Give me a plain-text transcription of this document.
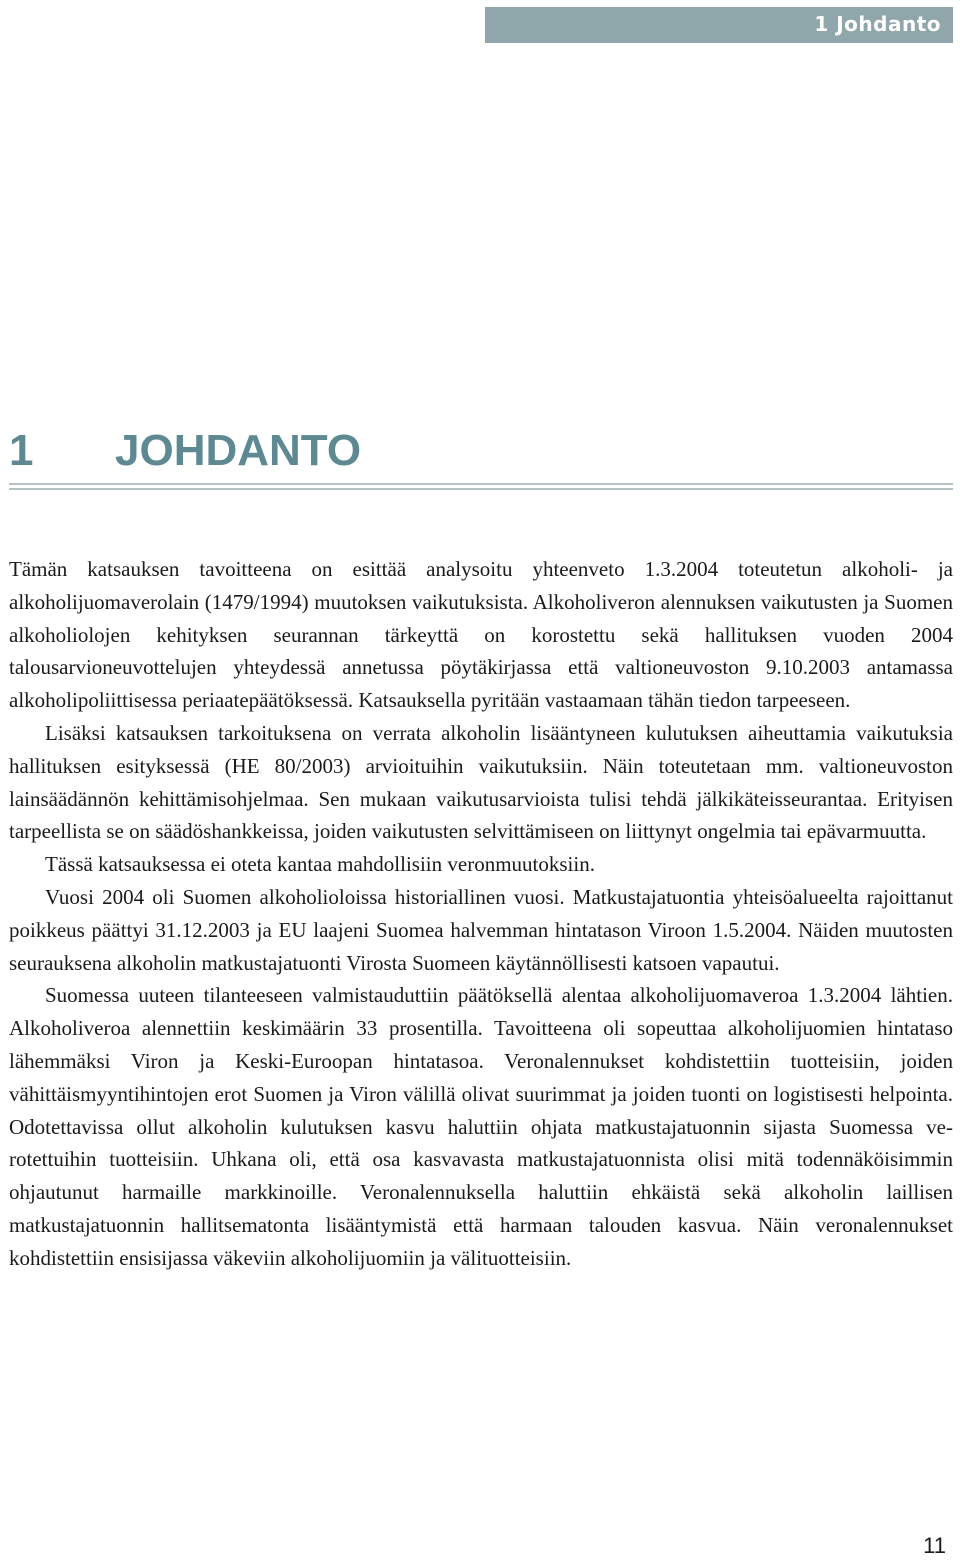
1 Johdanto
1 JOHDANTO

Tämän katsauksen tavoitteena on esittää analysoitu yhteenveto 1.3.2004 toteutetun alkoholi- ja alkoholijuomaverolain (1479/1994) muutoksen vaikutuksista. Alkoholiveron alennuksen vaikutusten ja Suomen alkoholiolojen kehityksen seurannan tärkeyttä on korostettu sekä hallituksen vuoden 2004 talousarvioneuvottelujen yhteydessä annetussa pöytäkirjassa että valtioneuvoston 9.10.2003 antamassa alkoholipoliittisessa periaatepäätöksessä. Katsauksella pyritään vastaamaan tähän tiedon tarpeeseen.

Lisäksi katsauksen tarkoituksena on verrata alkoholin lisääntyneen kulutuksen aiheuttamia vaikutuksia hallituksen esityksessä (HE 80/2003) arvioituihin vaikutuksiin. Näin toteutetaan mm. valtioneuvoston lainsäädännön kehittämisohjelmaa. Sen mukaan vaikutusarvioista tulisi tehdä jälkikäteisseurantaa. Erityisen tarpeellista se on säädöshankkeissa, joiden vaikutusten selvittämiseen on liittynyt ongelmia tai epävarmuutta.

Tässä katsauksessa ei oteta kantaa mahdollisiin veronmuutoksiin.

Vuosi 2004 oli Suomen alkoholioloissa historiallinen vuosi. Matkustajatuontia yhteisöalueelta rajoittanut poikkeus päättyi 31.12.2003 ja EU laajeni Suomea halvemman hintatason Viroon 1.5.2004. Näiden muutosten seurauksena alkoholin matkustajatuonti Virosta Suomeen käytännöllisesti katsoen vapautui.

Suomessa uuteen tilanteeseen valmistauduttiin päätöksellä alentaa alkoholijuomaveroa 1.3.2004 lähtien. Alkoholiveroa alennettiin keskimäärin 33 prosentilla. Tavoitteena oli sopeuttaa alkoholijuomien hintataso lähemmäksi Viron ja Keski-Euroopan hintatasoa. Veronalennukset kohdistettiin tuotteisiin, joiden vähittäismyyntihintojen erot Suomen ja Viron välillä olivat suurimmat ja joiden tuonti on logistisesti helpointa. Odotettavissa ollut alkoholin kulutuksen kasvu haluttiin ohjata matkustajatuonnin sijasta Suomessa verotettuihin tuotteisiin. Uhkana oli, että osa kasvavasta matkustajatuonnista olisi mitä todennäköisimmin ohjautunut harmaille markkinoille. Veronalennuksella haluttiin ehkäistä sekä alkoholin laillisen matkustajatuonnin hallitsematonta lisääntymistä että harmaan talouden kasvua. Näin veronalennukset kohdistettiin ensisijassa väkeviin alkoholijuomiin ja välituotteisiin.

11
